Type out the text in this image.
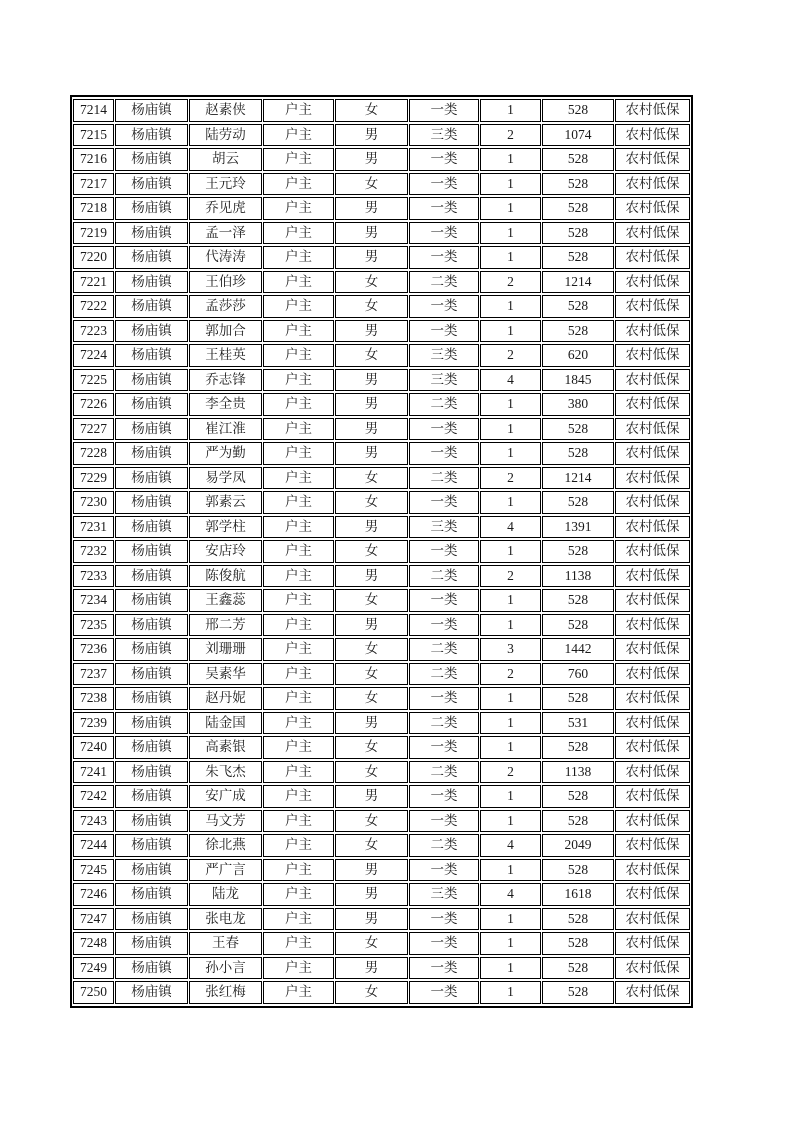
7214	杨庙镇	赵素侠	户主	女	一类	1	528	农村低保
7215	杨庙镇	陆劳动	户主	男	三类	2	1074	农村低保
7216	杨庙镇	胡云	户主	男	一类	1	528	农村低保
7217	杨庙镇	王元玲	户主	女	一类	1	528	农村低保
7218	杨庙镇	乔见虎	户主	男	一类	1	528	农村低保
7219	杨庙镇	孟一泽	户主	男	一类	1	528	农村低保
7220	杨庙镇	代涛涛	户主	男	一类	1	528	农村低保
7221	杨庙镇	王伯珍	户主	女	二类	2	1214	农村低保
7222	杨庙镇	孟莎莎	户主	女	一类	1	528	农村低保
7223	杨庙镇	郭加合	户主	男	一类	1	528	农村低保
7224	杨庙镇	王桂英	户主	女	三类	2	620	农村低保
7225	杨庙镇	乔志锋	户主	男	三类	4	1845	农村低保
7226	杨庙镇	李全贵	户主	男	二类	1	380	农村低保
7227	杨庙镇	崔江淮	户主	男	一类	1	528	农村低保
7228	杨庙镇	严为勤	户主	男	一类	1	528	农村低保
7229	杨庙镇	易学凤	户主	女	二类	2	1214	农村低保
7230	杨庙镇	郭素云	户主	女	一类	1	528	农村低保
7231	杨庙镇	郭学柱	户主	男	三类	4	1391	农村低保
7232	杨庙镇	安店玲	户主	女	一类	1	528	农村低保
7233	杨庙镇	陈俊航	户主	男	二类	2	1138	农村低保
7234	杨庙镇	王鑫蕊	户主	女	一类	1	528	农村低保
7235	杨庙镇	邢二芳	户主	男	一类	1	528	农村低保
7236	杨庙镇	刘珊珊	户主	女	二类	3	1442	农村低保
7237	杨庙镇	吴素华	户主	女	二类	2	760	农村低保
7238	杨庙镇	赵丹妮	户主	女	一类	1	528	农村低保
7239	杨庙镇	陆金国	户主	男	二类	1	531	农村低保
7240	杨庙镇	高素银	户主	女	一类	1	528	农村低保
7241	杨庙镇	朱飞杰	户主	女	二类	2	1138	农村低保
7242	杨庙镇	安广成	户主	男	一类	1	528	农村低保
7243	杨庙镇	马文芳	户主	女	一类	1	528	农村低保
7244	杨庙镇	徐北燕	户主	女	二类	4	2049	农村低保
7245	杨庙镇	严广言	户主	男	一类	1	528	农村低保
7246	杨庙镇	陆龙	户主	男	三类	4	1618	农村低保
7247	杨庙镇	张电龙	户主	男	一类	1	528	农村低保
7248	杨庙镇	王春	户主	女	一类	1	528	农村低保
7249	杨庙镇	孙小言	户主	男	一类	1	528	农村低保
7250	杨庙镇	张红梅	户主	女	一类	1	528	农村低保
